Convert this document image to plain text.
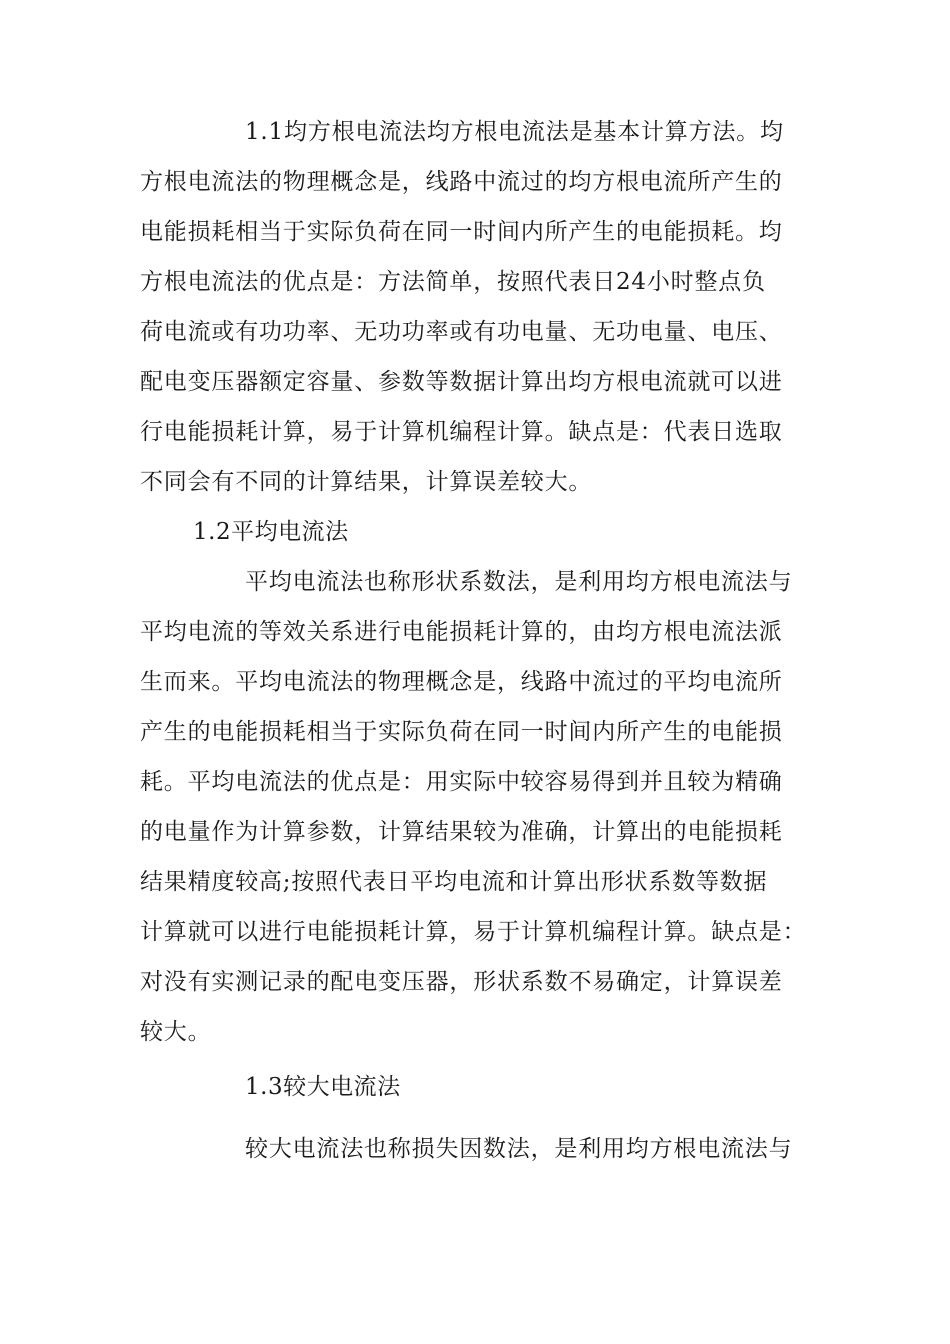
1.1均方根电流法均方根电流法是基本计算方法。均
方根电流法的物理概念是，线路中流过的均方根电流所产生的
电能损耗相当于实际负荷在同一时间内所产生的电能损耗。均
方根电流法的优点是：方法简单，按照代表日24小时整点负
荷电流或有功功率、无功功率或有功电量、无功电量、电压、
配电变压器额定容量、参数等数据计算出均方根电流就可以进
行电能损耗计算，易于计算机编程计算。缺点是：代表日选取
不同会有不同的计算结果，计算误差较大。
1.2平均电流法
平均电流法也称形状系数法，是利用均方根电流法与
平均电流的等效关系进行电能损耗计算的，由均方根电流法派
生而来。平均电流法的物理概念是，线路中流过的平均电流所
产生的电能损耗相当于实际负荷在同一时间内所产生的电能损
耗。平均电流法的优点是：用实际中较容易得到并且较为精确
的电量作为计算参数，计算结果较为准确，计算出的电能损耗
结果精度较高;按照代表日平均电流和计算出形状系数等数据
计算就可以进行电能损耗计算，易于计算机编程计算。缺点是：
对没有实测记录的配电变压器，形状系数不易确定，计算误差
较大。
1.3较大电流法
较大电流法也称损失因数法，是利用均方根电流法与
